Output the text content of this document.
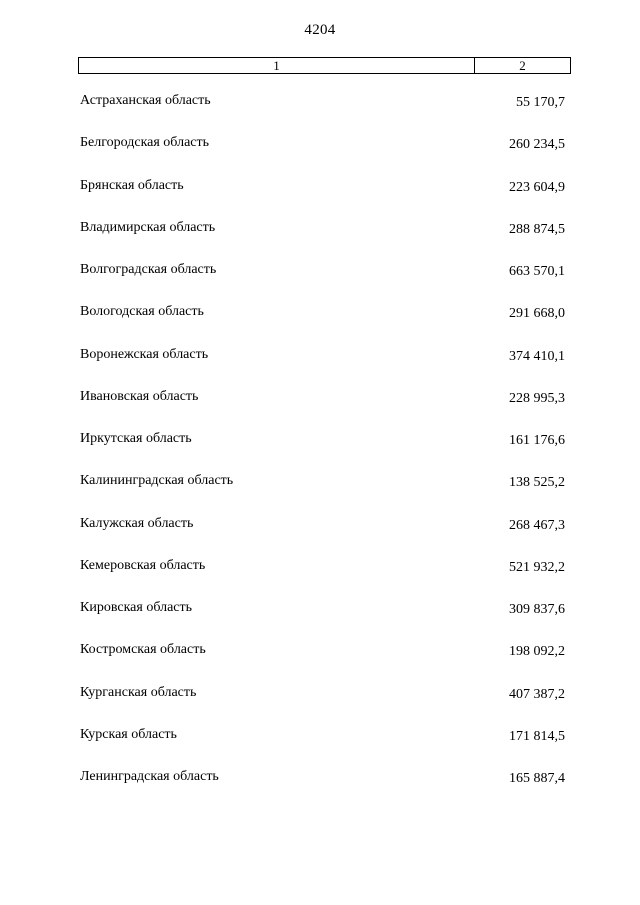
4204
1	2
Астраханская область	55 170,7
Белгородская область	260 234,5
Брянская область	223 604,9
Владимирская область	288 874,5
Волгоградская область	663 570,1
Вологодская область	291 668,0
Воронежская область	374 410,1
Ивановская область	228 995,3
Иркутская область	161 176,6
Калининградская область	138 525,2
Калужская область	268 467,3
Кемеровская область	521 932,2
Кировская область	309 837,6
Костромская область	198 092,2
Курганская область	407 387,2
Курская область	171 814,5
Ленинградская область	165 887,4
